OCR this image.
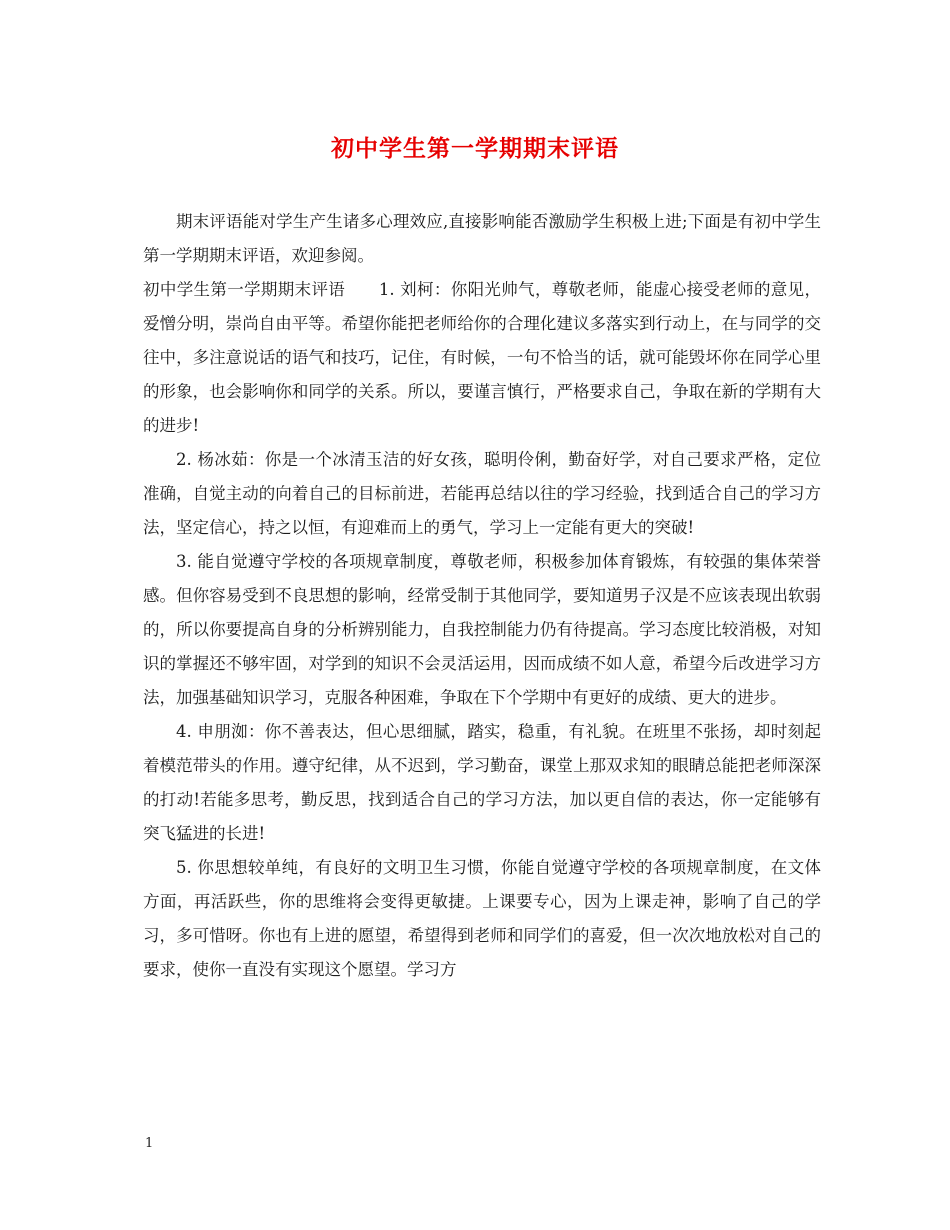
初中学生第一学期期末评语

期末评语能对学生产生诸多心理效应,直接影响能否激励学生积极上进;下面是有初中学生第一学期期末评语，欢迎参阅。

初中学生第一学期期末评语　　1. 刘柯：你阳光帅气，尊敬老师，能虚心接受老师的意见，爱憎分明，崇尚自由平等。希望你能把老师给你的合理化建议多落实到行动上，在与同学的交往中，多注意说话的语气和技巧，记住，有时候，一句不恰当的话，就可能毁坏你在同学心里的形象，也会影响你和同学的关系。所以，要谨言慎行，严格要求自己，争取在新的学期有大的进步!

2. 杨冰茹：你是一个冰清玉洁的好女孩，聪明伶俐，勤奋好学，对自己要求严格，定位准确，自觉主动的向着自己的目标前进，若能再总结以往的学习经验，找到适合自己的学习方法，坚定信心，持之以恒，有迎难而上的勇气，学习上一定能有更大的突破!

3. 能自觉遵守学校的各项规章制度，尊敬老师，积极参加体育锻炼，有较强的集体荣誉感。但你容易受到不良思想的影响，经常受制于其他同学，要知道男子汉是不应该表现出软弱的，所以你要提高自身的分析辨别能力，自我控制能力仍有待提高。学习态度比较消极，对知识的掌握还不够牢固，对学到的知识不会灵活运用，因而成绩不如人意，希望今后改进学习方法，加强基础知识学习，克服各种困难，争取在下个学期中有更好的成绩、更大的进步。

4. 申朋洳：你不善表达，但心思细腻，踏实，稳重，有礼貌。在班里不张扬，却时刻起着模范带头的作用。遵守纪律，从不迟到，学习勤奋，课堂上那双求知的眼睛总能把老师深深的打动!若能多思考，勤反思，找到适合自己的学习方法，加以更自信的表达，你一定能够有突飞猛进的长进!

5. 你思想较单纯，有良好的文明卫生习惯，你能自觉遵守学校的各项规章制度，在文体方面，再活跃些，你的思维将会变得更敏捷。上课要专心，因为上课走神，影响了自己的学习，多可惜呀。你也有上进的愿望，希望得到老师和同学们的喜爱，但一次次地放松对自己的要求，使你一直没有实现这个愿望。学习方

1
